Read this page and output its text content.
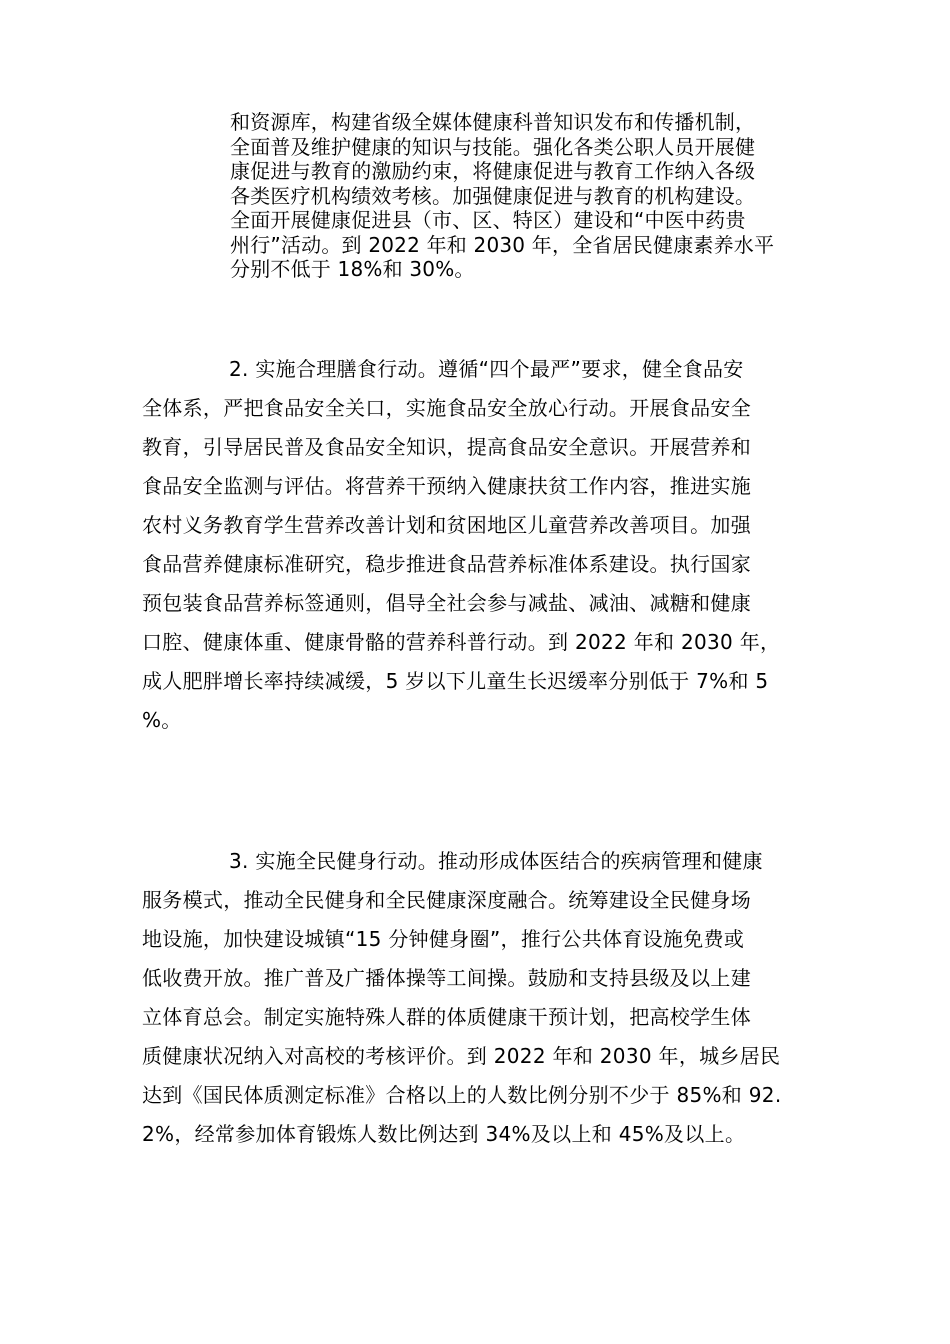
和资源库，构建省级全媒体健康科普知识发布和传播机制，
全面普及维护健康的知识与技能。强化各类公职人员开展健
康促进与教育的激励约束，将健康促进与教育工作纳入各级
各类医疗机构绩效考核。加强健康促进与教育的机构建设。
全面开展健康促进县（市、区、特区）建设和“中医中药贵
州行”活动。到 2022 年和 2030 年，全省居民健康素养水平
分别不低于 18%和 30%。
2. 实施合理膳食行动。遵循“四个最严”要求，健全食品安
全体系，严把食品安全关口，实施食品安全放心行动。开展食品安全
教育，引导居民普及食品安全知识，提高食品安全意识。开展营养和
食品安全监测与评估。将营养干预纳入健康扶贫工作内容，推进实施
农村义务教育学生营养改善计划和贫困地区儿童营养改善项目。加强
食品营养健康标准研究，稳步推进食品营养标准体系建设。执行国家
预包装食品营养标签通则，倡导全社会参与减盐、减油、减糖和健康
口腔、健康体重、健康骨骼的营养科普行动。到 2022 年和 2030 年，
成人肥胖增长率持续减缓，5 岁以下儿童生长迟缓率分别低于 7%和 5
%。
3. 实施全民健身行动。推动形成体医结合的疾病管理和健康
服务模式，推动全民健身和全民健康深度融合。统筹建设全民健身场
地设施，加快建设城镇“15 分钟健身圈”，推行公共体育设施免费或
低收费开放。推广普及广播体操等工间操。鼓励和支持县级及以上建
立体育总会。制定实施特殊人群的体质健康干预计划，把高校学生体
质健康状况纳入对高校的考核评价。到 2022 年和 2030 年，城乡居民
达到《国民体质测定标准》合格以上的人数比例分别不少于 85%和 92.
2%，经常参加体育锻炼人数比例达到 34%及以上和 45%及以上。
